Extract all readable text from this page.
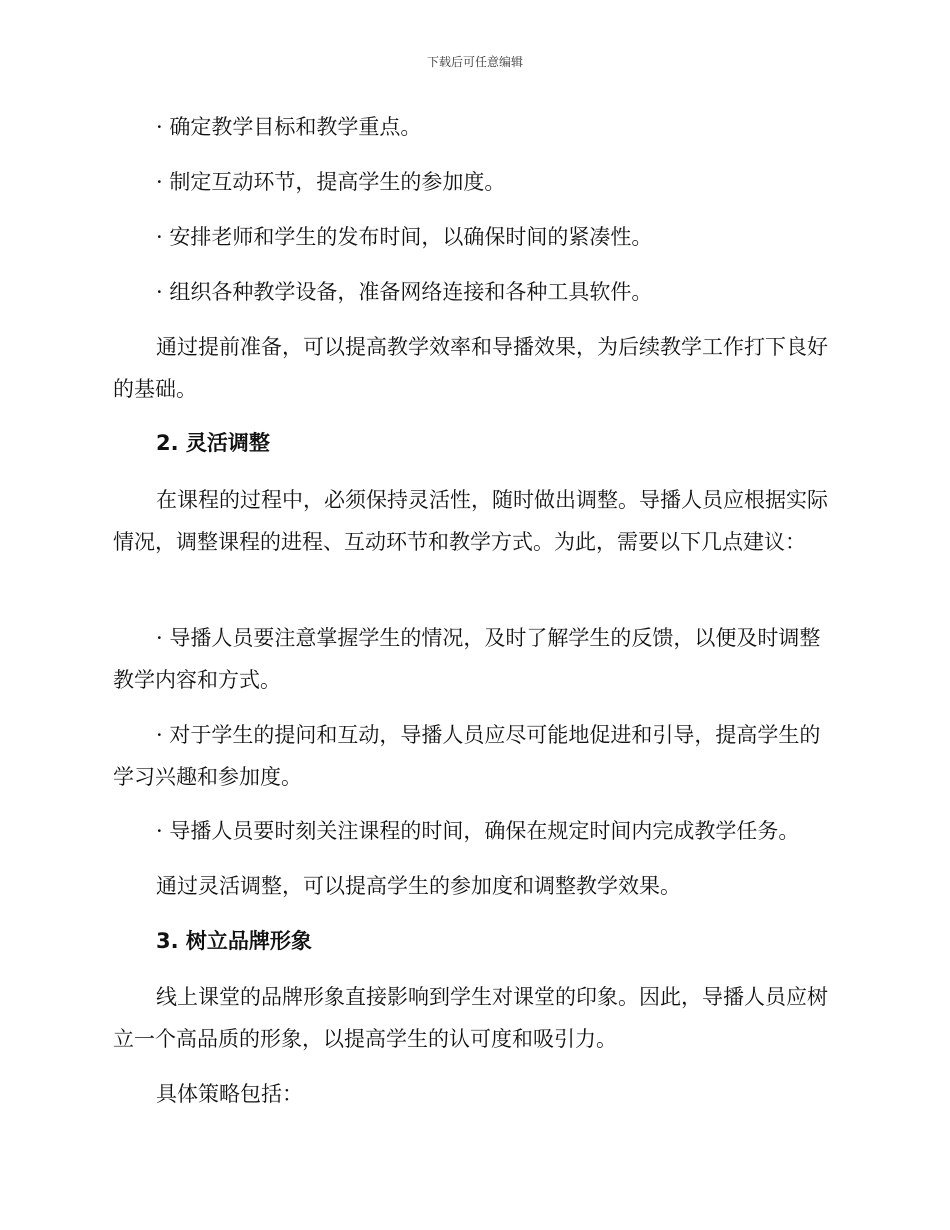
下载后可任意编辑

· 确定教学目标和教学重点。

· 制定互动环节，提高学生的参加度。

· 安排老师和学生的发布时间，以确保时间的紧凑性。

· 组织各种教学设备，准备网络连接和各种工具软件。

通过提前准备，可以提高教学效率和导播效果，为后续教学工作打下良好的基础。

2. 灵活调整

在课程的过程中，必须保持灵活性，随时做出调整。导播人员应根据实际情况，调整课程的进程、互动环节和教学方式。为此，需要以下几点建议：

· 导播人员要注意掌握学生的情况，及时了解学生的反馈，以便及时调整教学内容和方式。

· 对于学生的提问和互动，导播人员应尽可能地促进和引导，提高学生的学习兴趣和参加度。

· 导播人员要时刻关注课程的时间，确保在规定时间内完成教学任务。

通过灵活调整，可以提高学生的参加度和调整教学效果。

3. 树立品牌形象

线上课堂的品牌形象直接影响到学生对课堂的印象。因此，导播人员应树立一个高品质的形象，以提高学生的认可度和吸引力。

具体策略包括：
